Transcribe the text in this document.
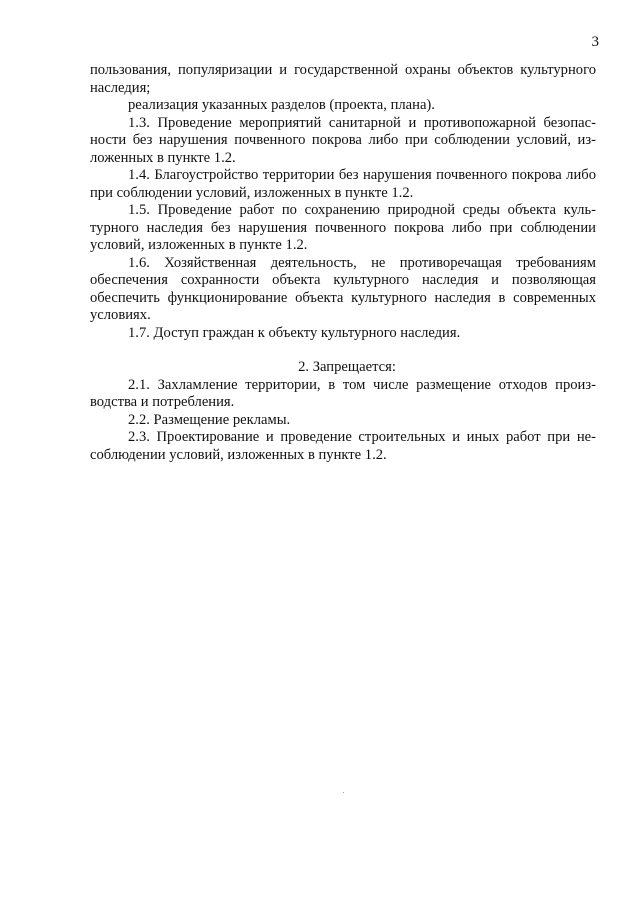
3

пользования, популяризации и государственной охраны объектов культурного наследия;

реализация указанных разделов (проекта, плана).

1.3. Проведение мероприятий санитарной и противопожарной безопасности без нарушения почвенного покрова либо при соблюдении условий, изложенных в пункте 1.2.

1.4. Благоустройство территории без нарушения почвенного покрова либо при соблюдении условий, изложенных в пункте 1.2.

1.5. Проведение работ по сохранению природной среды объекта культурного наследия без нарушения почвенного покрова либо при соблюдении условий, изложенных в пункте 1.2.

1.6. Хозяйственная деятельность, не противоречащая требованиям обеспечения сохранности объекта культурного наследия и позволяющая обеспечить функционирование объекта культурного наследия в современных условиях.

1.7. Доступ граждан к объекту культурного наследия.

2. Запрещается:

2.1. Захламление территории, в том числе размещение отходов производства и потребления.

2.2. Размещение рекламы.

2.3. Проектирование и проведение строительных и иных работ при несоблюдении условий, изложенных в пункте 1.2.
